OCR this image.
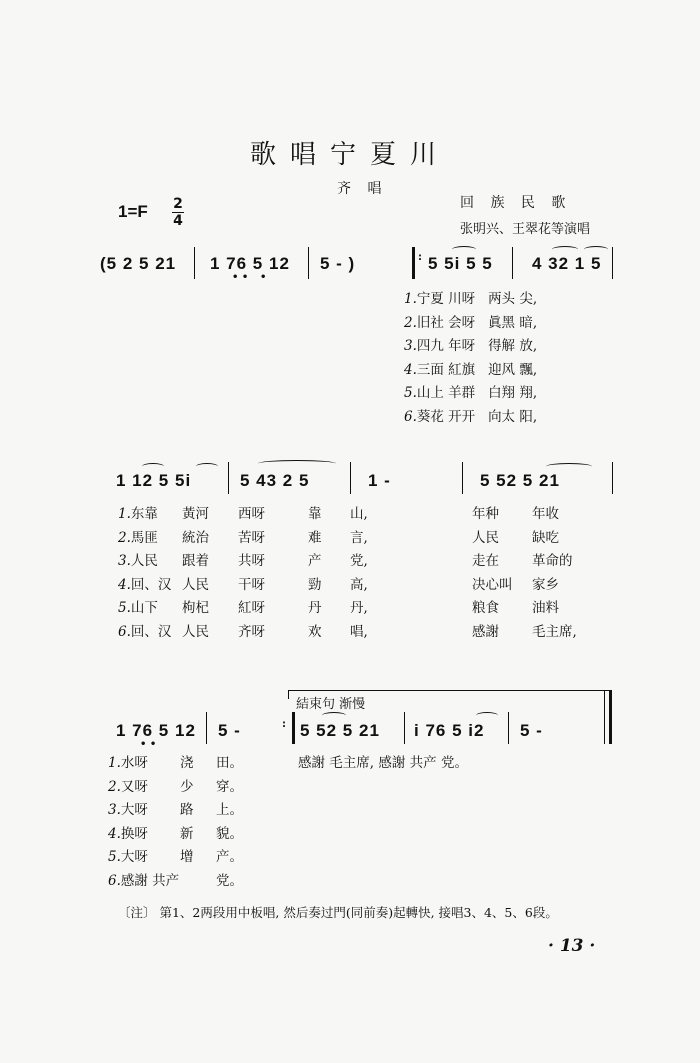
歌唱宁夏川
齐 唱
回 族 民 歌
张明兴、王翠花等演唱
1=F 2
4
(5 2 5 21 1 76 5 12
• • •
5 - )	: 5 5i 5 5 4 32 1 5
1.宁夏 川呀 两头 尖,
2.旧社 会呀 眞黑 暗,
3.四九 年呀 得解 放,
4.三面 紅旗 迎风 飄,
5.山上 羊群 白翔 翔,
6.葵花 开开 向太 阳,
1 12 5 5i	5 43 2 5	1 -	5 52 5 21
1.东靠 黃河 西呀	靠 山,	年种 年收
2.馬匪 統治 苦呀	难 言,	人民 缺吃
3.人民 跟着 共呀	产 党,	走在 革命的
4.回、汉 人民 干呀	勁 高,	决心叫 家乡
5.山下 枸杞 紅呀	丹 丹,	粮食 油料
6.回、汉 人民 齐呀	欢 唱,	感謝 毛主席,
結束句 渐慢
1 76 5 12
• •
5 -	: 5 52 5 21 i 76 5 i2 5 -
1.水呀 浇 田。
2.又呀 少 穿。
3.大呀 路 上。
4.换呀 新 貌。
5.大呀 增 产。
6.感謝 共产	党。
感謝 毛主席, 感謝 共产 党。
〔注〕 第1、2两段用中板唱, 然后奏过門(同前奏)起轉快, 接唱3、4、5、6段。
· 13 ·
